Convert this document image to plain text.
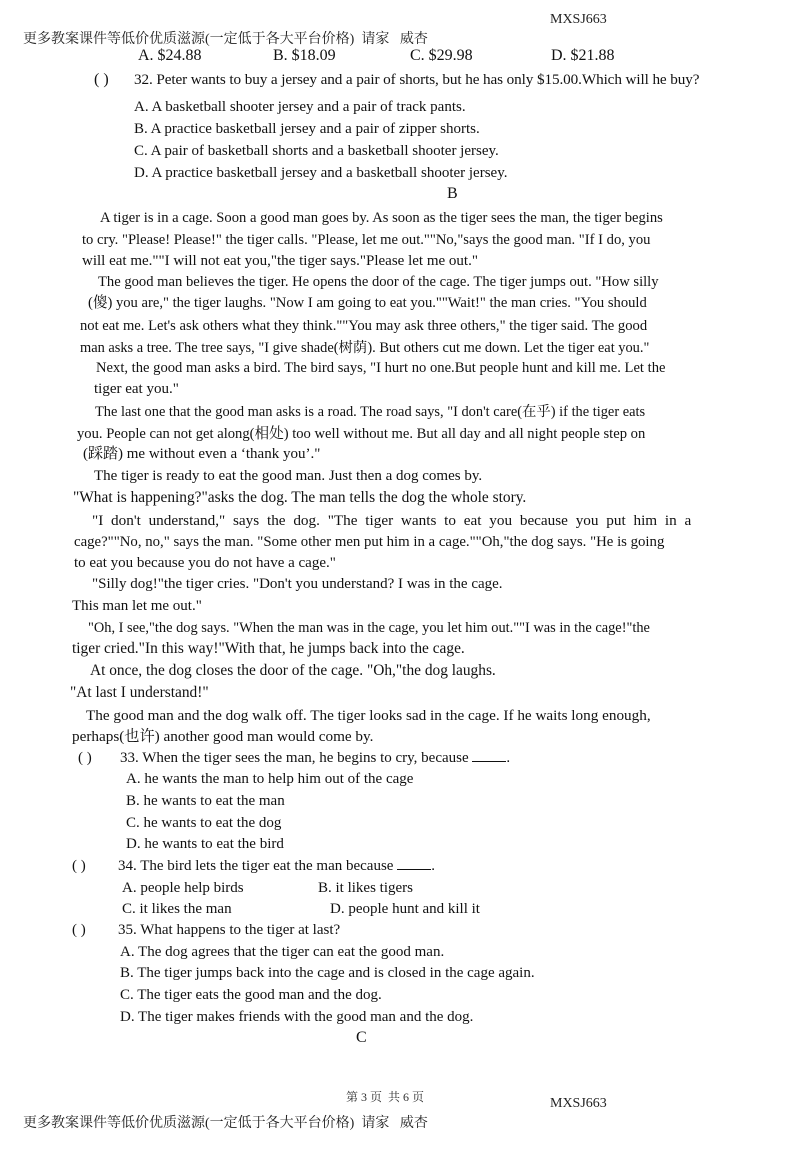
更多教案课件等低价优质滋源(一定低于各大平台价格)  请家   威杏

MXSJ663

A. $24.88	B. $18.09	C. $29.98	D. $21.88
( ) 32. Peter wants to buy a jersey and a pair of shorts, but he has only $15.00.Which will he buy?
A. A basketball shooter jersey and a pair of track pants.
B. A practice basketball jersey and a pair of zipper shorts.
C. A pair of basketball shorts and a basketball shooter jersey.
D. A practice basketball jersey and a basketball shooter jersey.
B
A tiger is in a cage. Soon a good man goes by. As soon as the tiger sees the man, the tiger begins
to cry. "Please! Please!" the tiger calls. "Please, let me out.""No,"says the good man. "If I do, you
will eat me.""I will not eat you,"the tiger says."Please let me out."
The good man believes the tiger. He opens the door of the cage. The tiger jumps out. "How silly
(傻) you are," the tiger laughs. "Now I am going to eat you.""Wait!" the man cries. "You should
not eat me. Let's ask others what they think.""You may ask three others," the tiger said. The good
man asks a tree. The tree says, "I give shade(树荫). But others cut me down. Let the tiger eat you."
Next, the good man asks a bird. The bird says, "I hurt no one.But people hunt and kill me. Let the
tiger eat you."
The last one that the good man asks is a road. The road says, "I don't care(在乎) if the tiger eats
you. People can not get along(相处) too well without me. But all day and all night people step on
(踩踏) me without even a ‘thank you’."
The tiger is ready to eat the good man. Just then a dog comes by.
"What is happening?"asks the dog. The man tells the dog the whole story.
"I don't understand," says the dog. "The tiger wants to eat you because you put him in a
cage?""No, no," says the man. "Some other men put him in a cage.""Oh,"the dog says. "He is going
to eat you because you do not have a cage."
"Silly dog!"the tiger cries. "Don't you understand? I was in the cage.
This man let me out."
"Oh, I see,"the dog says. "When the man was in the cage, you let him out.""I was in the cage!"the
tiger cried."In this way!"With that, he jumps back into the cage.
At once, the dog closes the door of the cage. "Oh,"the dog laughs.
"At last I understand!"
The good man and the dog walk off. The tiger looks sad in the cage. If he waits long enough,
perhaps(也许) another good man would come by.
( ) 33. When the tiger sees the man, he begins to cry, because	.
A. he wants the man to help him out of the cage
B. he wants to eat the man
C. he wants to eat the dog
D. he wants to eat the bird
( ) 34. The bird lets the tiger eat the man because	.
A. people help birds	B. it likes tigers
C. it likes the man	D. people hunt and kill it
( ) 35. What happens to the tiger at last?
A. The dog agrees that the tiger can eat the good man.
B. The tiger jumps back into the cage and is closed in the cage again.
C. The tiger eats the good man and the dog.
D. The tiger makes friends with the good man and the dog.
C

更多教案课件等低价优质滋源(一定低于各大平台价格)  请家   威杏

第 3 页  共 6 页

	MXSJ663
